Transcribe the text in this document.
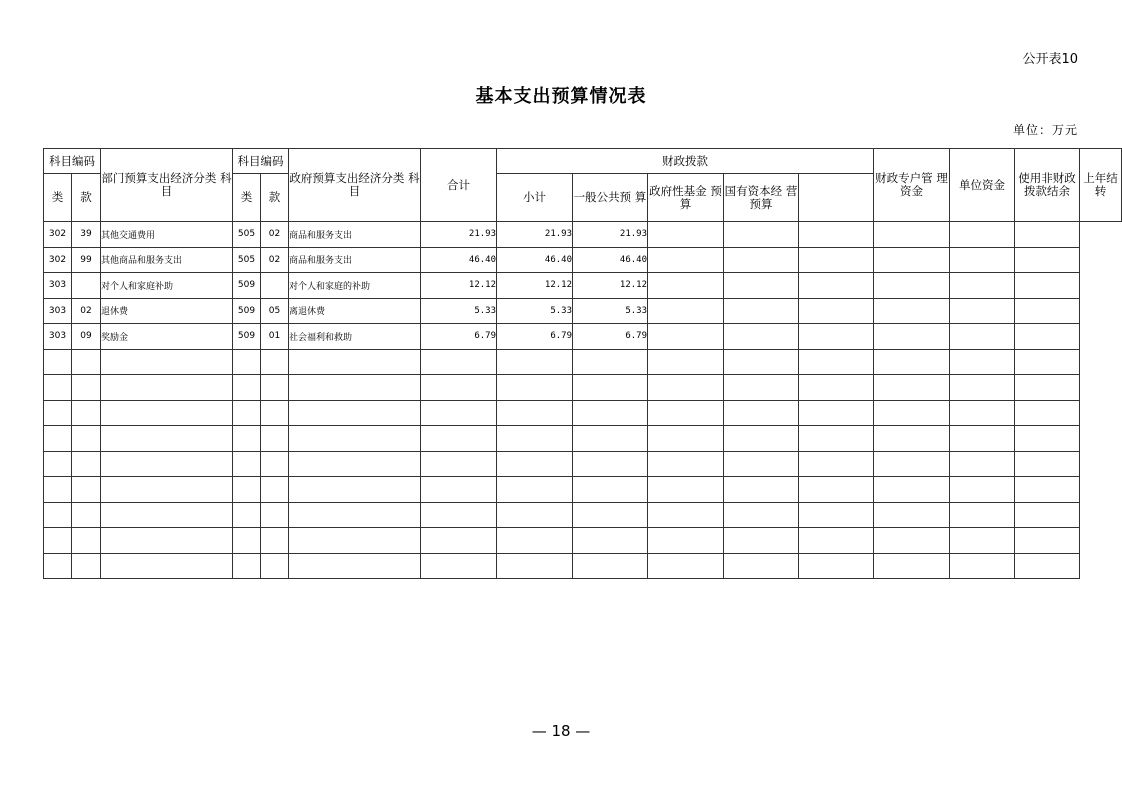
公开表10
基本支出预算情况表
单位：万元
科目编码		部门预算支出经济分类 科目	科目编码		政府预算支出经济分类 科目	合计	财政拨款					财政专户管 理资金	单位资金	使用非财政拨款结余	上年结转
类	款		类	款			小计	一般公共预 算	政府性基金 预算	国有资本经 营预算					
302	39	其他交通费用	505	02	商品和服务支出	21.93	21.93	21.93							
302	99	其他商品和服务支出	505	02	商品和服务支出	46.40	46.40	46.40							
303		对个人和家庭补助	509		对个人和家庭的补助	12.12	12.12	12.12							
303	02	退休费	509	05	离退休费	5.33	5.33	5.33							
303	09	奖励金	509	01	社会福利和救助	6.79	6.79	6.79							

— 18 —
